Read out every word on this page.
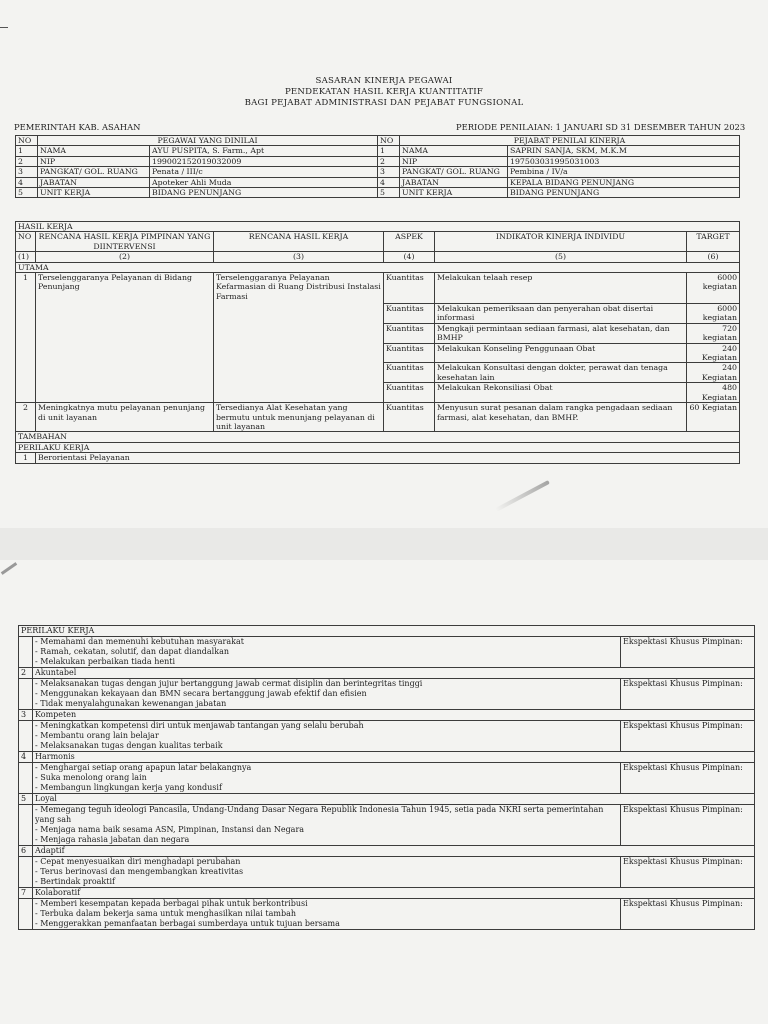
SASARAN KINERJA PEGAWAI
PENDEKATAN HASIL KERJA KUANTITATIF
BAGI PEJABAT ADMINISTRASI DAN PEJABAT FUNGSIONAL
PEMERINTAH KAB. ASAHAN	PERIODE PENILAIAN: 1 JANUARI SD 31 DESEMBER TAHUN 2023
NO	PEGAWAI YANG DINILAI		NO	PEJABAT PENILAI KINERJA	
1	NAMA	AYU PUSPITA, S. Farm., Apt	1	NAMA	SAPRIN SANJA, SKM, M.K.M
2	NIP	199002152019032009	2	NIP	197503031995031003
3	PANGKAT/ GOL. RUANG	Penata / III/c	3	PANGKAT/ GOL. RUANG	Pembina / IV/a
4	JABATAN	Apoteker Ahli Muda	4	JABATAN	KEPALA BIDANG PENUNJANG
5	UNIT KERJA	BIDANG PENUNJANG	5	UNIT KERJA	BIDANG PENUNJANG
HASIL KERJA					
NO	RENCANA HASIL KERJA PIMPINAN YANG DIINTERVENSI	RENCANA HASIL KERJA	ASPEK	INDIKATOR KINERJA INDIVIDU	TARGET
(1)	(2)	(3)	(4)	(5)	(6)
UTAMA					
1	Terselenggaranya Pelayanan di Bidang Penunjang	Terselenggaranya Pelayanan Kefarmasian di Ruang Distribusi Instalasi Farmasi	Kuantitas	Melakukan telaah resep	6000 kegiatan
			Kuantitas	Melakukan pemeriksaan dan penyerahan obat disertai informasi	6000 kegiatan
			Kuantitas	Mengkaji permintaan sediaan farmasi, alat kesehatan, dan BMHP	720 kegiatan
			Kuantitas	Melakukan Konseling Penggunaan Obat	240 Kegiatan
			Kuantitas	Melakukan Konsultasi dengan dokter, perawat dan tenaga kesehatan lain	240 Kegiatan
			Kuantitas	Melakukan Rekonsiliasi Obat	480 Kegiatan
2	Meningkatnya mutu pelayanan penunjang di unit layanan	Tersedianya Alat Kesehatan yang bermutu untuk menunjang pelayanan di unit layanan	Kuantitas	Menyusun surat pesanan dalam rangka pengadaan sediaan farmasi, alat kesehatan, dan BMHP.	60 Kegiatan
TAMBAHAN					
PERILAKU KERJA					
1	Berorientasi Pelayanan				
PERILAKU KERJA		

	- Memahami dan memenuhi kebutuhan masyarakat
- Ramah, cekatan, solutif, dan dapat diandalkan
- Melakukan perbaikan tiada henti	Ekspektasi Khusus Pimpinan:
2	Akuntabel	

	- Melaksanakan tugas dengan jujur bertanggung jawab cermat disiplin dan berintegritas tinggi
- Menggunakan kekayaan dan BMN secara bertanggung jawab efektif dan efisien
- Tidak menyalahgunakan kewenangan jabatan	Ekspektasi Khusus Pimpinan:
3	Kompeten	

	- Meningkatkan kompetensi diri untuk menjawab tantangan yang selalu berubah
- Membantu orang lain belajar
- Melaksanakan tugas dengan kualitas terbaik	Ekspektasi Khusus Pimpinan:
4	Harmonis	

	- Menghargai setiap orang apapun latar belakangnya
- Suka menolong orang lain
- Membangun lingkungan kerja yang kondusif	Ekspektasi Khusus Pimpinan:
5	Loyal	

	- Memegang teguh ideologi Pancasila, Undang-Undang Dasar Negara Republik Indonesia Tahun 1945, setia pada NKRI serta pemerintahan yang sah
- Menjaga nama baik sesama ASN, Pimpinan, Instansi dan Negara
- Menjaga rahasia jabatan dan negara	Ekspektasi Khusus Pimpinan:
6	Adaptif	

	- Cepat menyesuaikan diri menghadapi perubahan
- Terus berinovasi dan mengembangkan kreativitas
- Bertindak proaktif	Ekspektasi Khusus Pimpinan:
7	Kolaboratif	

	- Memberi kesempatan kepada berbagai pihak untuk berkontribusi
- Terbuka dalam bekerja sama untuk menghasilkan nilai tambah
- Menggerakkan pemanfaatan berbagai sumberdaya untuk tujuan bersama	Ekspektasi Khusus Pimpinan:
